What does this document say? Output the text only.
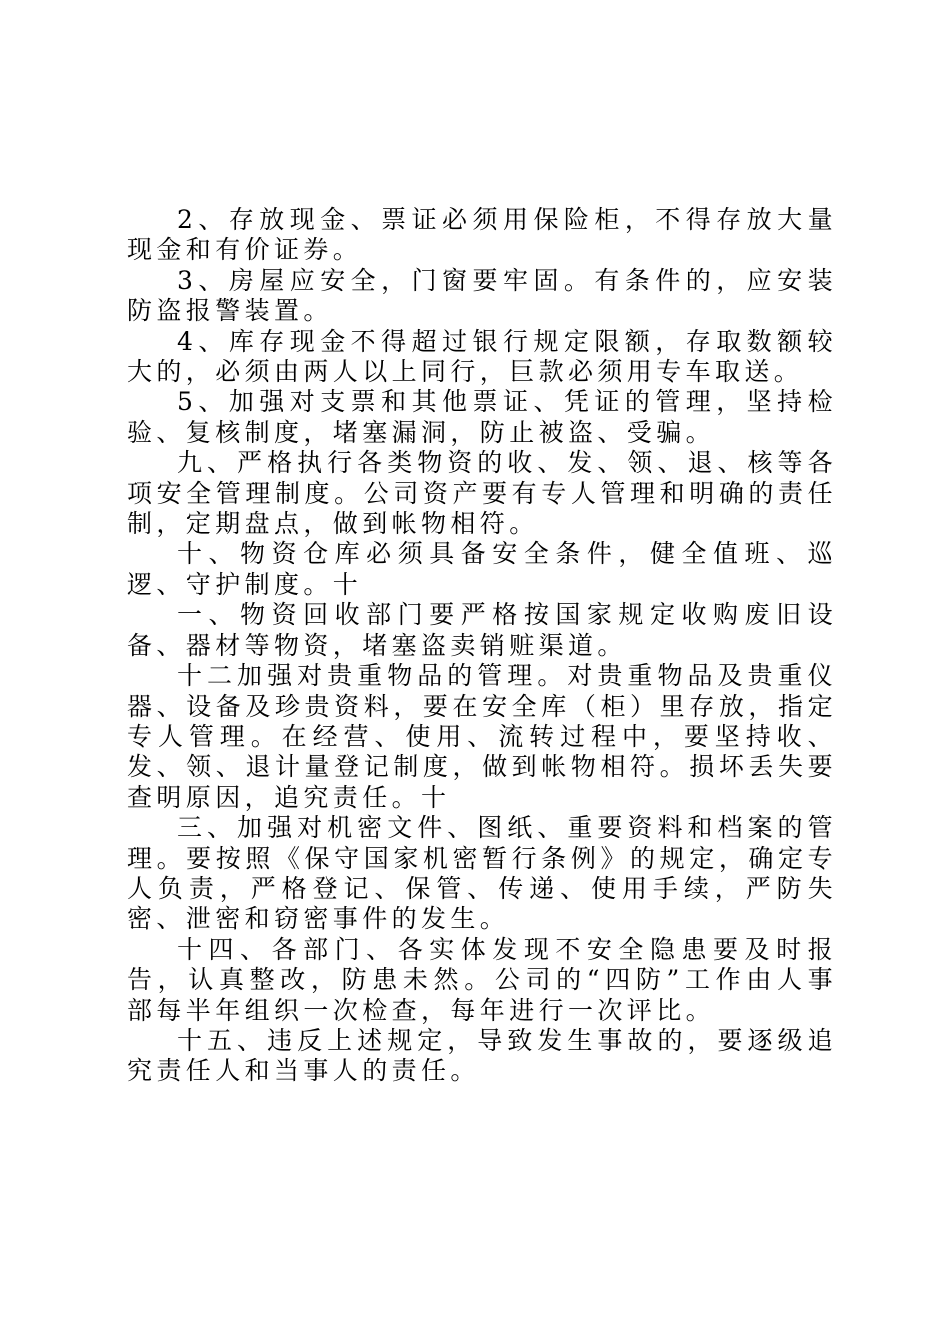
2、存放现金、票证必须用保险柜，不得存放大量现金和有价证券。

3、房屋应安全，门窗要牢固。有条件的，应安装防盗报警装置。

4、库存现金不得超过银行规定限额，存取数额较大的，必须由两人以上同行，巨款必须用专车取送。

5、加强对支票和其他票证、凭证的管理，坚持检验、复核制度，堵塞漏洞，防止被盗、受骗。

九、严格执行各类物资的收、发、领、退、核等各项安全管理制度。公司资产要有专人管理和明确的责任制，定期盘点，做到帐物相符。

十、物资仓库必须具备安全条件，健全值班、巡逻、守护制度。十

一、物资回收部门要严格按国家规定收购废旧设备、器材等物资，堵塞盗卖销赃渠道。

十二加强对贵重物品的管理。对贵重物品及贵重仪器、设备及珍贵资料，要在安全库（柜）里存放，指定专人管理。在经营、使用、流转过程中，要坚持收、发、领、退计量登记制度，做到帐物相符。损坏丢失要查明原因，追究责任。十

三、加强对机密文件、图纸、重要资料和档案的管理。要按照《保守国家机密暂行条例》的规定，确定专人负责，严格登记、保管、传递、使用手续，严防失密、泄密和窃密事件的发生。

十四、各部门、各实体发现不安全隐患要及时报告，认真整改，防患未然。公司的“四防”工作由人事部每半年组织一次检查，每年进行一次评比。

十五、违反上述规定，导致发生事故的，要逐级追究责任人和当事人的责任。
